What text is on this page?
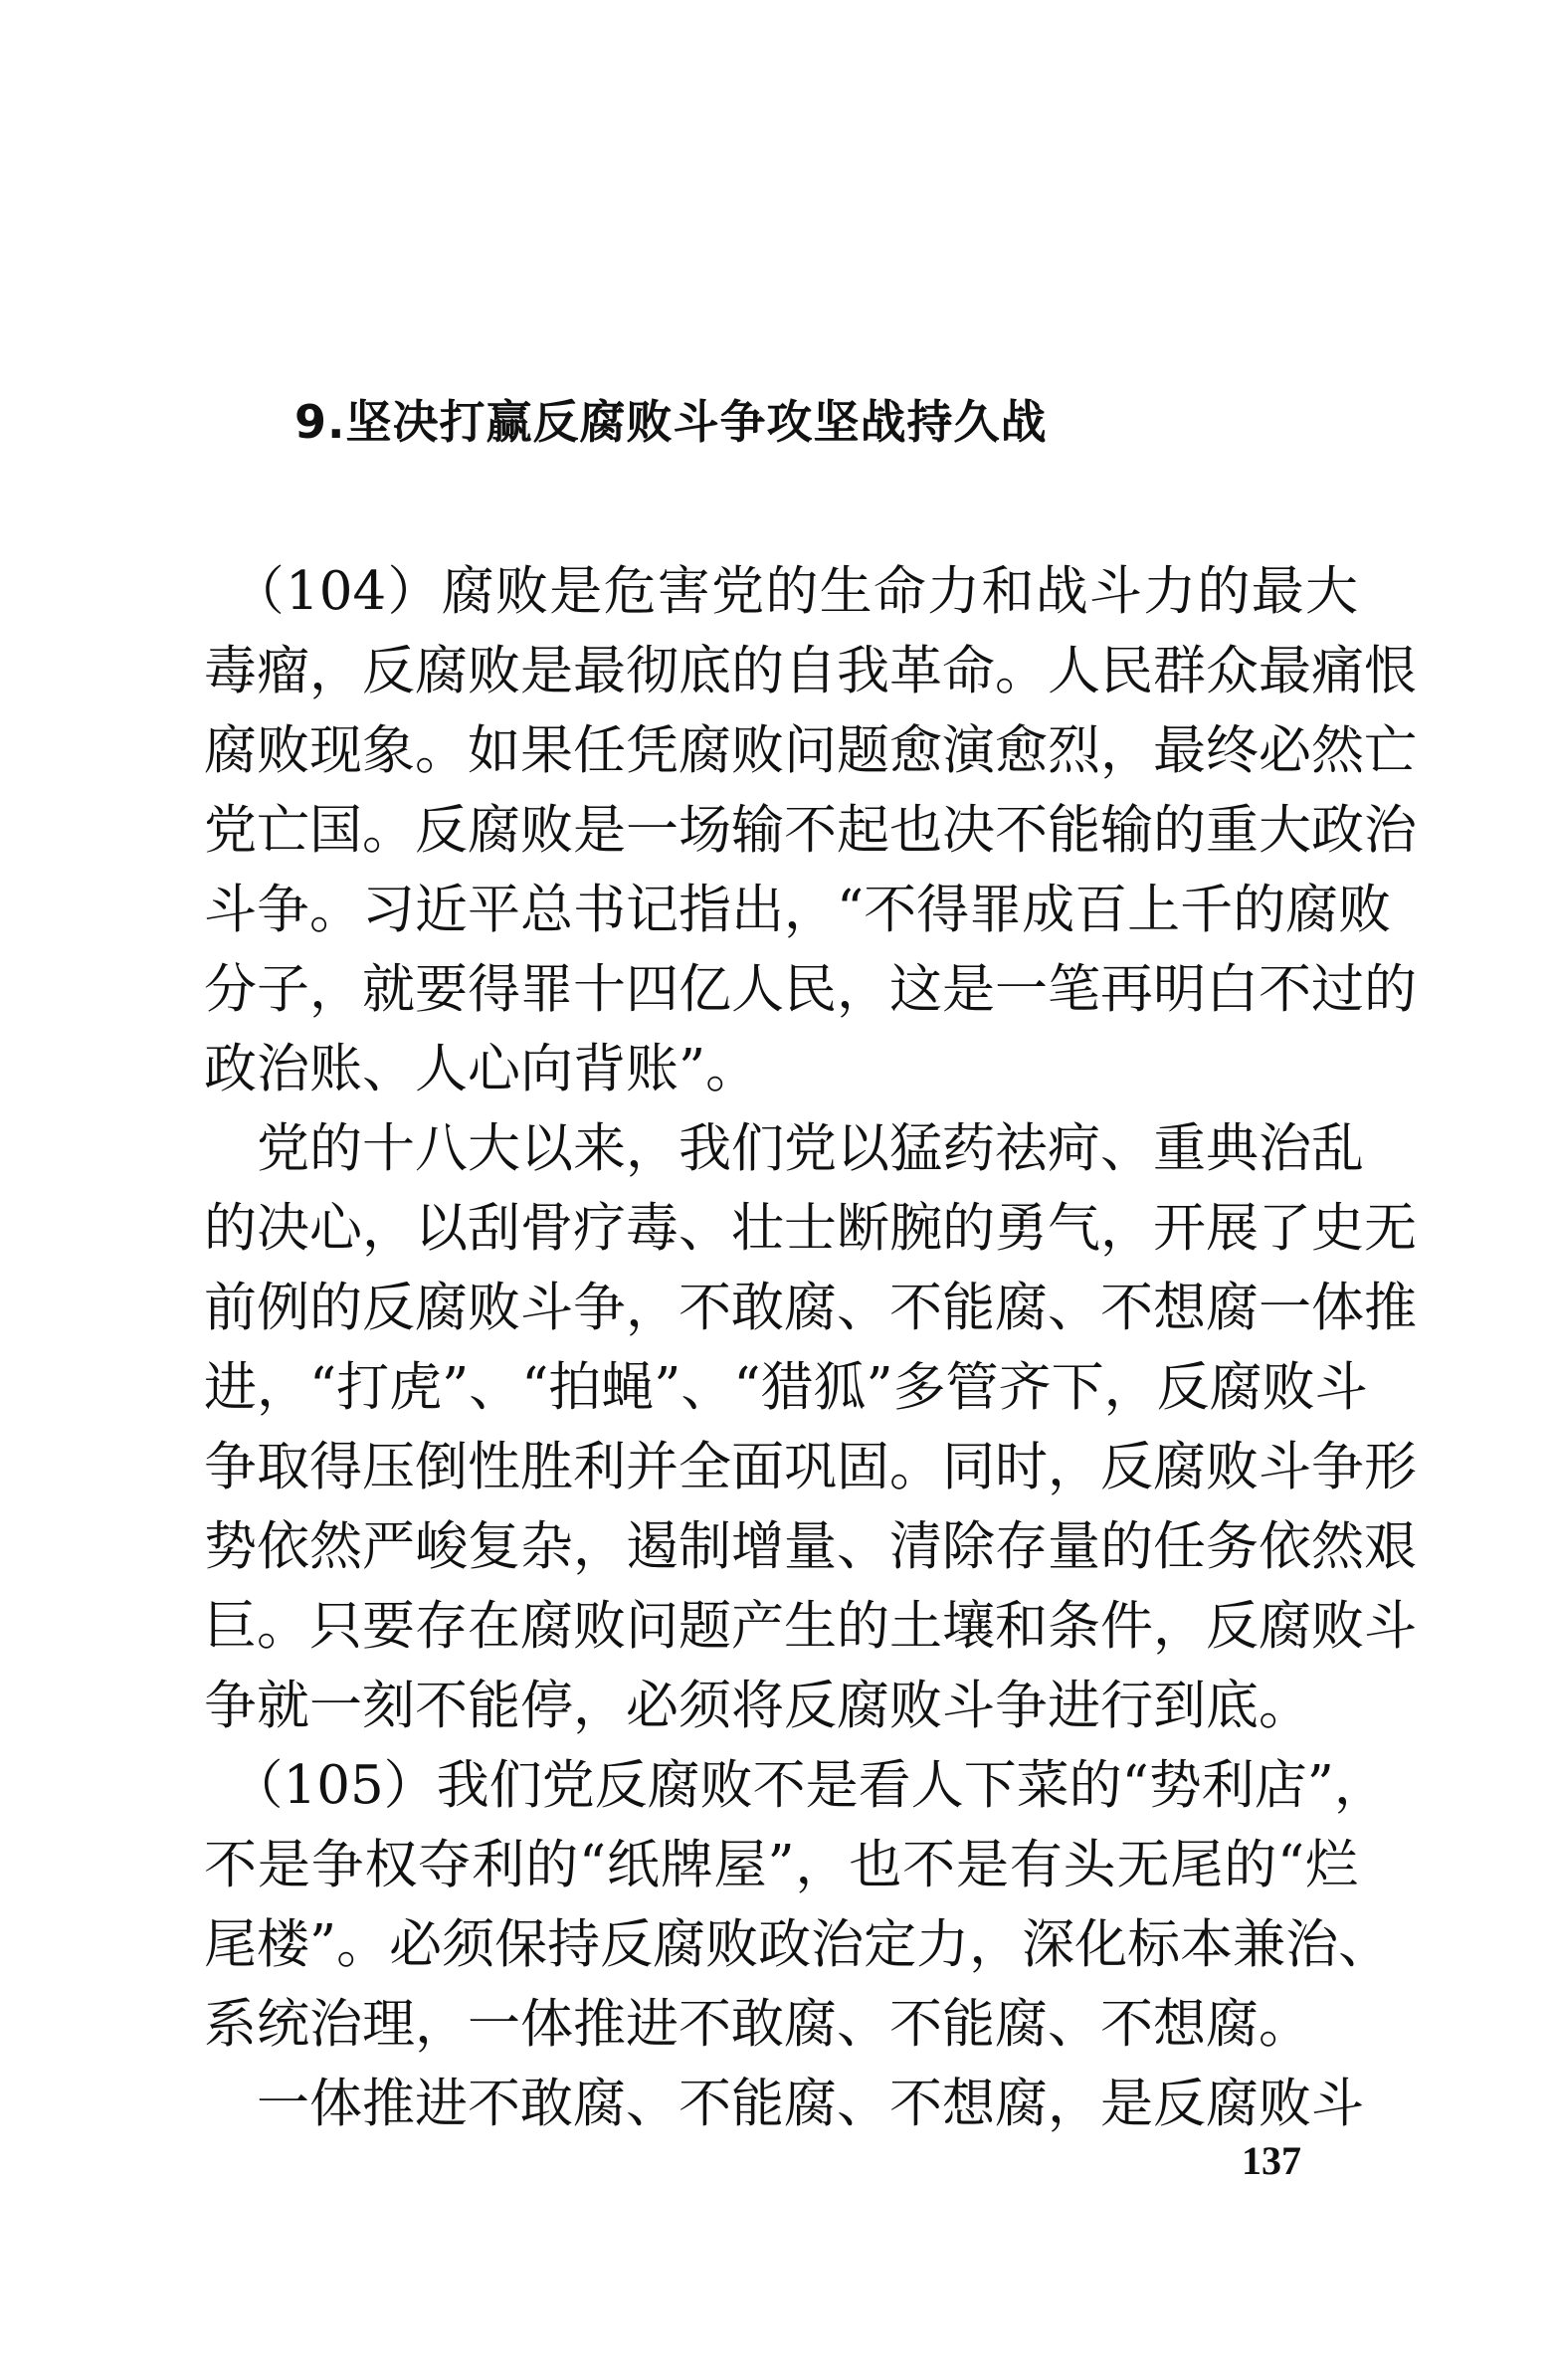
9.坚决打赢反腐败斗争攻坚战持久战
　（104）腐败是危害党的生命力和战斗力的最大
毒瘤，反腐败是最彻底的自我革命。人民群众最痛恨
腐败现象。如果任凭腐败问题愈演愈烈，最终必然亡
党亡国。反腐败是一场输不起也决不能输的重大政治
斗争。习近平总书记指出，“不得罪成百上千的腐败
分子，就要得罪十四亿人民，这是一笔再明白不过的
政治账、人心向背账”。
　党的十八大以来，我们党以猛药祛疴、重典治乱
的决心，以刮骨疗毒、壮士断腕的勇气，开展了史无
前例的反腐败斗争，不敢腐、不能腐、不想腐一体推
进，“打虎”、“拍蝇”、“猎狐”多管齐下，反腐败斗
争取得压倒性胜利并全面巩固。同时，反腐败斗争形
势依然严峻复杂，遏制增量、清除存量的任务依然艰
巨。只要存在腐败问题产生的土壤和条件，反腐败斗
争就一刻不能停，必须将反腐败斗争进行到底。
　（105）我们党反腐败不是看人下菜的“势利店”，
不是争权夺利的“纸牌屋”，也不是有头无尾的“烂
尾楼”。必须保持反腐败政治定力，深化标本兼治、
系统治理，一体推进不敢腐、不能腐、不想腐。
　一体推进不敢腐、不能腐、不想腐，是反腐败斗
137
